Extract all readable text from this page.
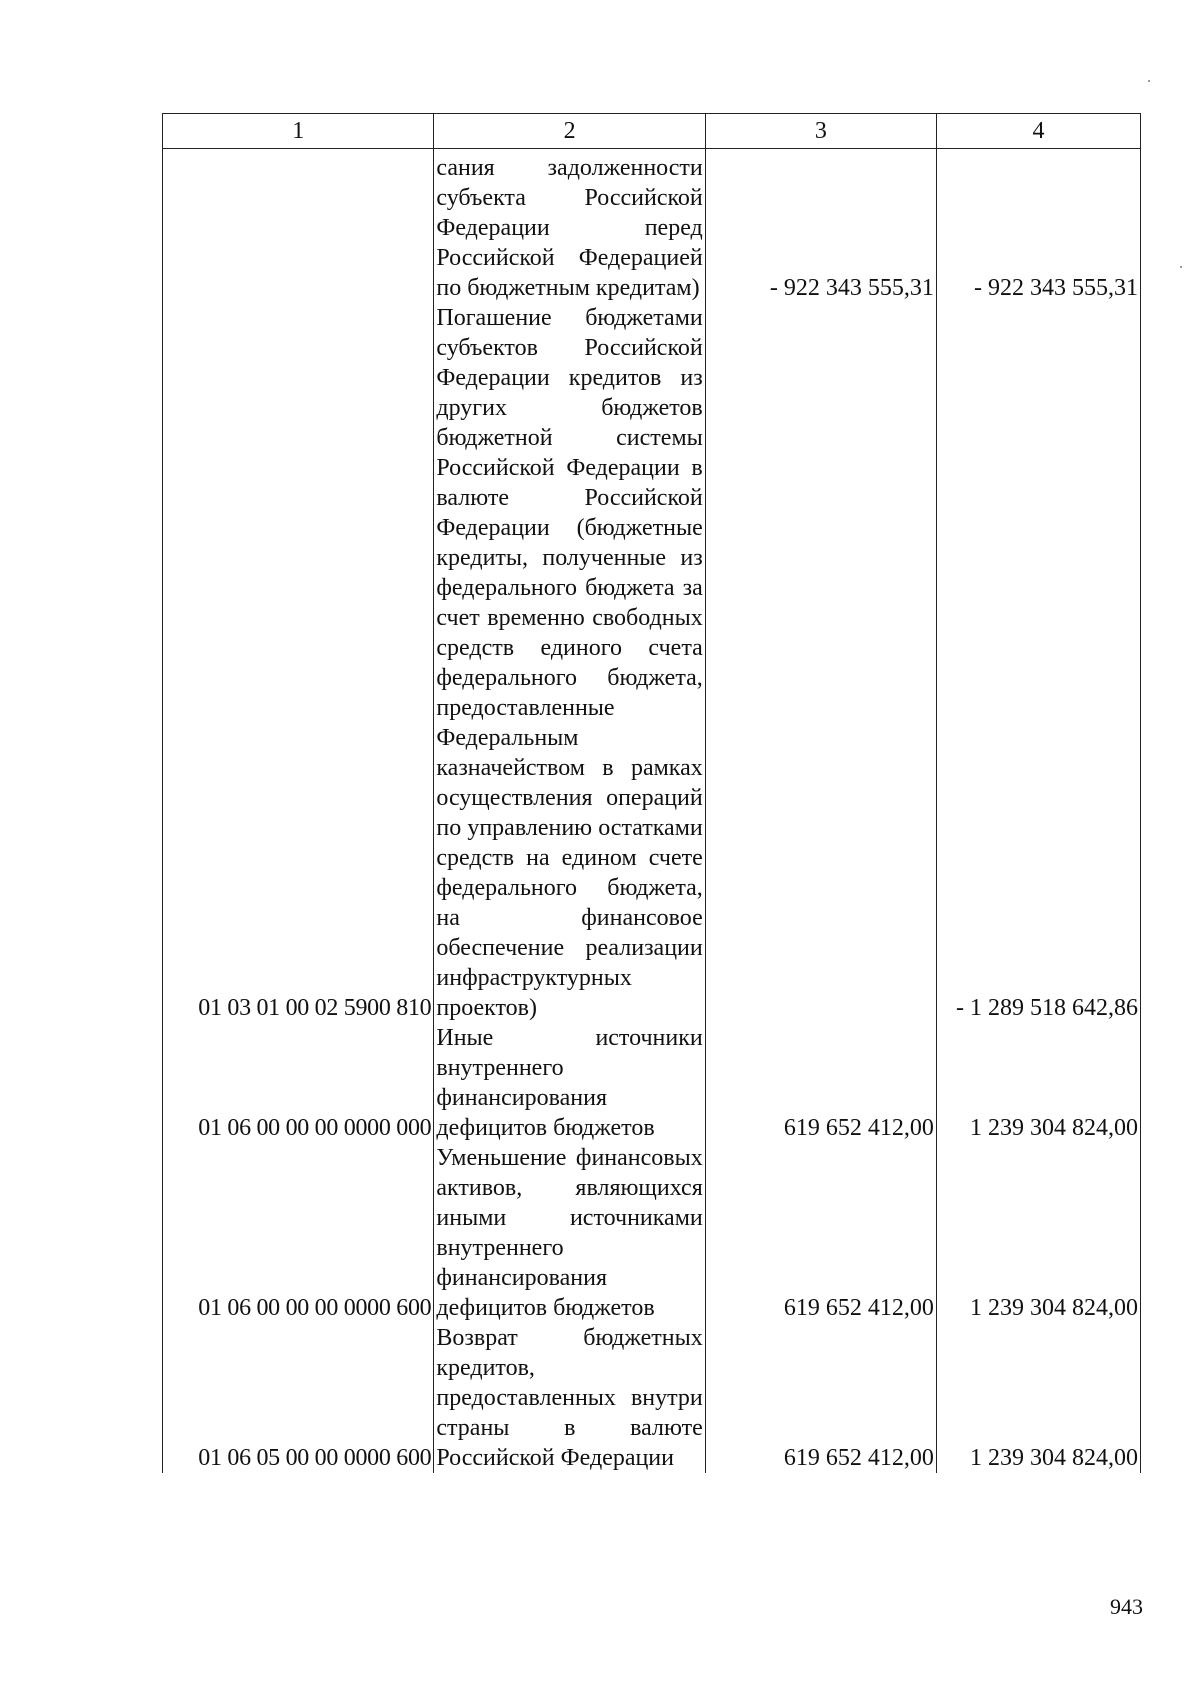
1	2	3	4
	сания задолженности субъекта Российской Федерации перед Российской Федерацией по бюджетным кредитам)	- 922 343 555,31	- 922 343 555,31
01 03 01 00 02 5900 810	Погашение бюджетами субъектов Российской Федерации кредитов из других бюджетов бюджетной системы Российской Федерации в валюте Российской Федерации (бюджетные кредиты, полученные из федерального бюджета за счет временно свободных средств единого счета федерального бюджета, предоставленные Федеральным казначейством в рамках осуществления операций по управлению остатками средств на едином счете федерального бюджета, на финансовое обеспечение реализации инфраструктурных проектов)		- 1 289 518 642,86
01 06 00 00 00 0000 000	Иные источники внутреннего финансирования дефицитов бюджетов	619 652 412,00	1 239 304 824,00
01 06 00 00 00 0000 600	Уменьшение финансовых активов, являющихся иными источниками внутреннего финансирования дефицитов бюджетов	619 652 412,00	1 239 304 824,00
01 06 05 00 00 0000 600	Возврат бюджетных кредитов, предоставленных внутри страны в валюте Российской Федерации	619 652 412,00	1 239 304 824,00
943
